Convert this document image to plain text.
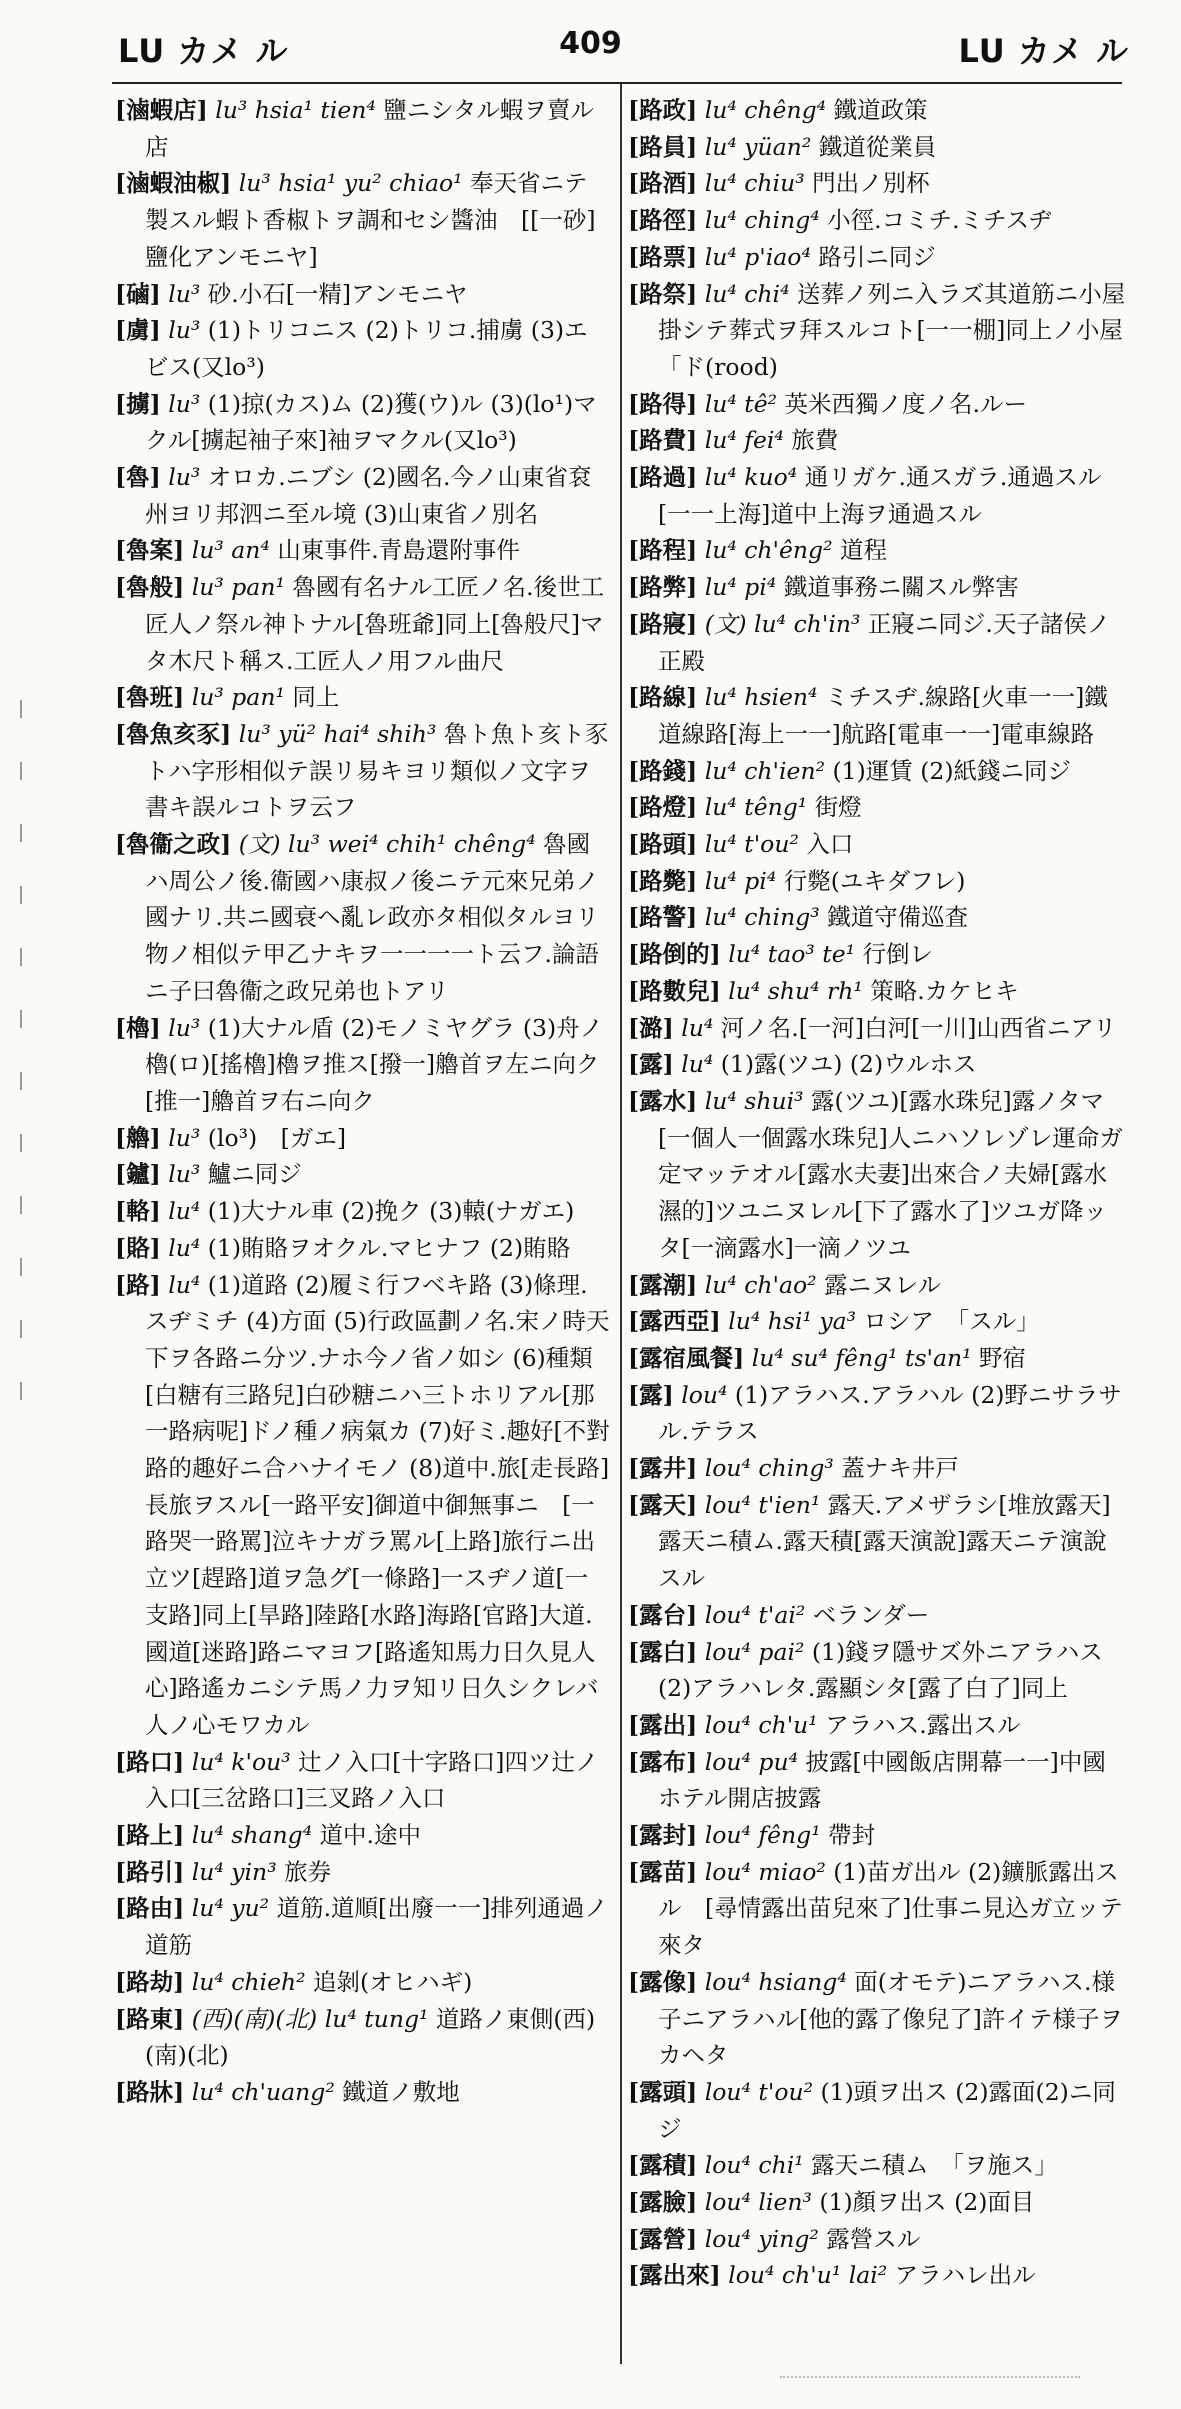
LU カメ ル	409	LU カメ ル
[滷蝦店] lu³ hsia¹ tien⁴ 鹽ニシタル蝦ヲ賣ル店
[滷蝦油椒] lu³ hsia¹ yu² chiao¹ 奉天省ニテ製スル蝦ト香椒トヲ調和セシ醬油　[[一砂]鹽化アンモニヤ]
[磠] lu³ 砂.小石[一精]アンモニヤ
[虜] lu³ (1)トリコニス (2)トリコ.捕虜 (3)エビス(又lo³)
[擄] lu³ (1)掠(カス)ム (2)獲(ウ)ル (3)(lo¹)マクル[擄起袖子來]袖ヲマクル(又lo³)
[魯] lu³ オロカ.ニブシ (2)國名.今ノ山東省袞州ヨリ邦泗ニ至ル境 (3)山東省ノ別名
[魯案] lu³ an⁴ 山東事件.青島還附事件
[魯般] lu³ pan¹ 魯國有名ナル工匠ノ名.後世工匠人ノ祭ル神トナル[魯班爺]同上[魯般尺]マタ木尺ト稱ス.工匠人ノ用フル曲尺
[魯班] lu³ pan¹ 同上
[魯魚亥豕] lu³ yü² hai⁴ shih³ 魯ト魚ト亥ト豕トハ字形相似テ誤リ易キヨリ類似ノ文字ヲ書キ誤ルコトヲ云フ
[魯衞之政] (文) lu³ wei⁴ chih¹ chêng⁴ 魯國ハ周公ノ後.衞國ハ康叔ノ後ニテ元來兄弟ノ國ナリ.共ニ國衰ヘ亂レ政亦タ相似タルヨリ物ノ相似テ甲乙ナキヲ一一一一ト云フ.論語ニ子曰魯衞之政兄弟也トアリ
[櫓] lu³ (1)大ナル盾 (2)モノミヤグラ (3)舟ノ櫓(ロ)[搖櫓]櫓ヲ推ス[撥一]艪首ヲ左ニ向ク[推一]艪首ヲ右ニ向ク
[艪] lu³ (lo³)　[ガエ]
[鑪] lu³ 鱸ニ同ジ
[輅] lu⁴ (1)大ナル車 (2)挽ク (3)轅(ナガエ)
[賂] lu⁴ (1)賄賂ヲオクル.マヒナフ (2)賄賂
[路] lu⁴ (1)道路 (2)履ミ行フベキ路 (3)條理.スヂミチ (4)方面 (5)行政區劃ノ名.宋ノ時天下ヲ各路ニ分ツ.ナホ今ノ省ノ如シ (6)種類[白糖有三路兒]白砂糖ニハ三トホリアル[那一路病呢]ドノ種ノ病氣カ (7)好ミ.趣好[不對路的趣好ニ合ハナイモノ (8)道中.旅[走長路]長旅ヲスル[一路平安]御道中御無事ニ　[一路哭一路罵]泣キナガラ罵ル[上路]旅行ニ出立ツ[趕路]道ヲ急グ[一條路]一スヂノ道[一支路]同上[旱路]陸路[水路]海路[官路]大道.國道[迷路]路ニマヨフ[路遙知馬力日久見人心]路遙カニシテ馬ノ力ヲ知リ日久シクレバ人ノ心モワカル
[路口] lu⁴ k'ou³ 辻ノ入口[十字路口]四ツ辻ノ入口[三岔路口]三叉路ノ入口
[路上] lu⁴ shang⁴ 道中.途中
[路引] lu⁴ yin³ 旅券
[路由] lu⁴ yu² 道筋.道順[出廢一一]排列通過ノ道筋
[路劫] lu⁴ chieh² 追剝(オヒハギ)
[路東] (西)(南)(北) lu⁴ tung¹ 道路ノ東側(西)(南)(北)
[路牀] lu⁴ ch'uang² 鐵道ノ敷地
[路政] lu⁴ chêng⁴ 鐵道政策
[路員] lu⁴ yüan² 鐵道從業員
[路酒] lu⁴ chiu³ 門出ノ別杯
[路徑] lu⁴ ching⁴ 小徑.コミチ.ミチスヂ
[路票] lu⁴ p'iao⁴ 路引ニ同ジ
[路祭] lu⁴ chi⁴ 送葬ノ列ニ入ラズ其道筋ニ小屋掛シテ葬式ヲ拜スルコト[一一棚]同上ノ小屋　「ド(rood)
[路得] lu⁴ tê² 英米西獨ノ度ノ名.ルー
[路費] lu⁴ fei⁴ 旅費
[路過] lu⁴ kuo⁴ 通リガケ.通スガラ.通過スル[一一上海]道中上海ヲ通過スル
[路程] lu⁴ ch'êng² 道程
[路弊] lu⁴ pi⁴ 鐵道事務ニ關スル弊害
[路寢] (文) lu⁴ ch'in³ 正寢ニ同ジ.天子諸侯ノ正殿
[路線] lu⁴ hsien⁴ ミチスヂ.線路[火車一一]鐵道線路[海上一一]航路[電車一一]電車線路
[路錢] lu⁴ ch'ien² (1)運賃 (2)紙錢ニ同ジ
[路燈] lu⁴ têng¹ 街燈
[路頭] lu⁴ t'ou² 入口
[路斃] lu⁴ pi⁴ 行斃(ユキダフレ)
[路警] lu⁴ ching³ 鐵道守備巡査
[路倒的] lu⁴ tao³ te¹ 行倒レ
[路數兒] lu⁴ shu⁴ rh¹ 策略.カケヒキ
[潞] lu⁴ 河ノ名.[一河]白河[一川]山西省ニアリ
[露] lu⁴ (1)露(ツユ) (2)ウルホス
[露水] lu⁴ shui³ 露(ツユ)[露水珠兒]露ノタマ[一個人一個露水珠兒]人ニハソレゾレ運命ガ定マッテオル[露水夫妻]出來合ノ夫婦[露水濕的]ツユニヌレル[下了露水了]ツユガ降ッタ[一滴露水]一滴ノツユ
[露潮] lu⁴ ch'ao² 露ニヌレル
[露西亞] lu⁴ hsi¹ ya³ ロシア　「スル」
[露宿風餐] lu⁴ su⁴ fêng¹ ts'an¹ 野宿
[露] lou⁴ (1)アラハス.アラハル (2)野ニサラサル.テラス
[露井] lou⁴ ching³ 蓋ナキ井戸
[露天] lou⁴ t'ien¹ 露天.アメザラシ[堆放露天]露天ニ積ム.露天積[露天演說]露天ニテ演說スル
[露台] lou⁴ t'ai² ベランダー
[露白] lou⁴ pai² (1)錢ヲ隱サズ外ニアラハス (2)アラハレタ.露顯シタ[露了白了]同上
[露出] lou⁴ ch'u¹ アラハス.露出スル
[露布] lou⁴ pu⁴ 披露[中國飯店開幕一一]中國ホテル開店披露
[露封] lou⁴ fêng¹ 帶封
[露苗] lou⁴ miao² (1)苗ガ出ル (2)鑛脈露出スル　[尋情露出苗兒來了]仕事ニ見込ガ立ッテ來タ
[露像] lou⁴ hsiang⁴ 面(オモテ)ニアラハス.様子ニアラハル[他的露了像兒了]許イテ様子ヲカヘタ
[露頭] lou⁴ t'ou² (1)頭ヲ出ス (2)露面(2)ニ同ジ
[露積] lou⁴ chi¹ 露天ニ積ム　「ヲ施ス」
[露臉] lou⁴ lien³ (1)顏ヲ出ス (2)面目
[露營] lou⁴ ying² 露營スル
[露出來] lou⁴ ch'u¹ lai² アラハレ出ル
